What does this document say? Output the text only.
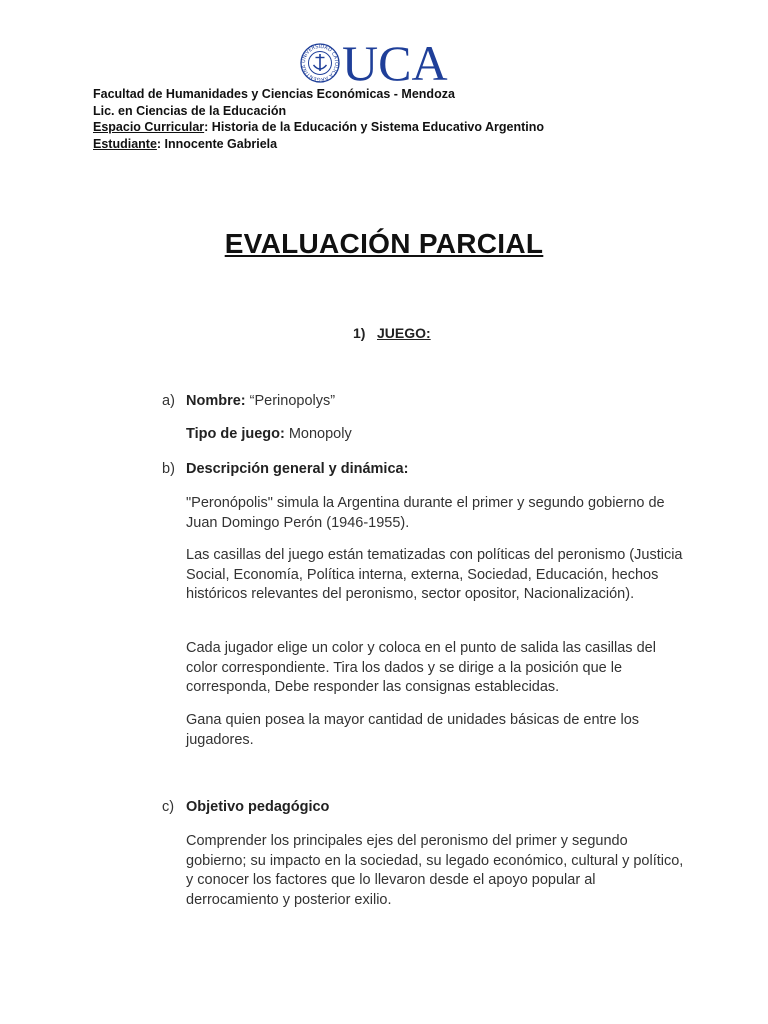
UNIVERSIDAD CATÓLICA ARGENTINA UCA
Facultad de Humanidades y Ciencias Económicas - Mendoza
Lic. en Ciencias de la Educación
Espacio Curricular: Historia de la Educación y Sistema Educativo Argentino
Estudiante: Innocente Gabriela
EVALUACIÓN PARCIAL
1) JUEGO:
a) Nombre: “Perinopolys”
Tipo de juego: Monopoly
b) Descripción general y dinámica:
"Peronópolis" simula la Argentina durante el primer y segundo gobierno de Juan Domingo Perón (1946-1955).
Las casillas del juego están tematizadas con políticas del peronismo (Justicia Social, Economía, Política interna, externa, Sociedad, Educación, hechos históricos relevantes del peronismo, sector opositor, Nacionalización).
Cada jugador elige un color y coloca en el punto de salida las casillas del color correspondiente. Tira los dados y se dirige a la posición que le corresponda, Debe responder las consignas establecidas.
Gana quien posea la mayor cantidad de unidades básicas de entre los jugadores.
c) Objetivo pedagógico
Comprender los principales ejes del peronismo del primer y segundo gobierno; su impacto en la sociedad, su legado económico, cultural y político, y conocer los factores que lo llevaron desde el apoyo popular al derrocamiento y posterior exilio.
